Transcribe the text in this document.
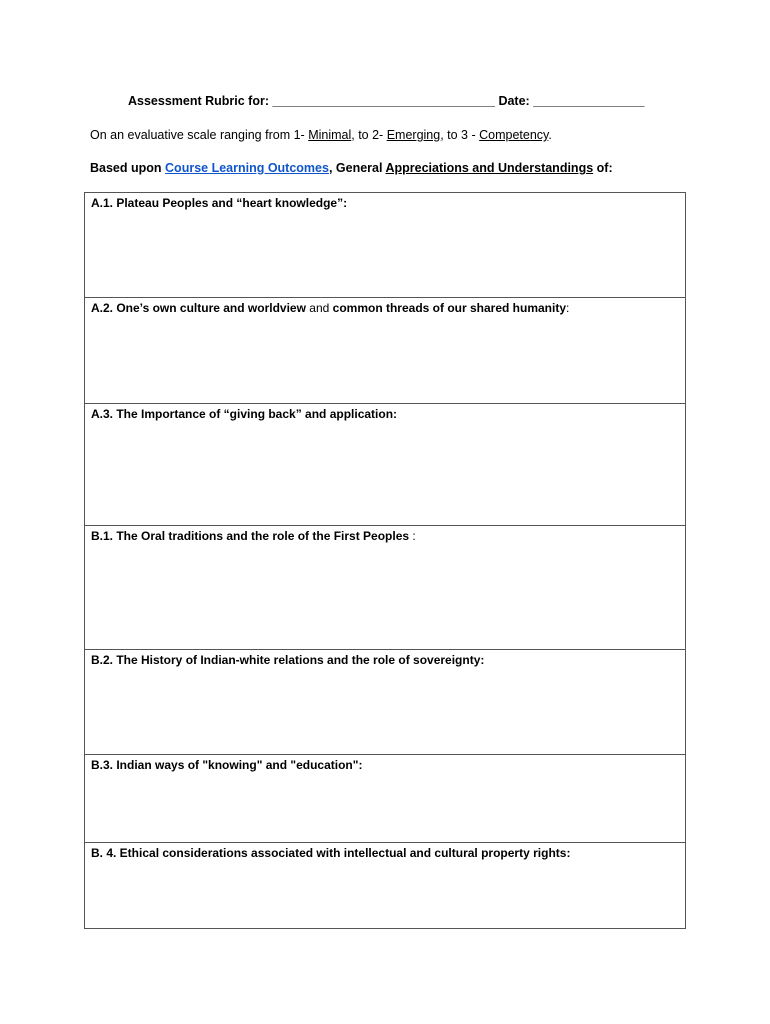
Assessment Rubric for: ________________________________ Date: ________________
On an evaluative scale ranging from 1- Minimal, to 2- Emerging, to 3 - Competency.
Based upon Course Learning Outcomes, General Appreciations and Understandings of:
A.1. Plateau Peoples and “heart knowledge”:
A.2. One’s own culture and worldview and common threads of our shared humanity:
A.3. The Importance of “giving back” and application:
B.1. The Oral traditions and the role of the First Peoples :
B.2. The History of Indian-white relations and the role of sovereignty:
B.3. Indian ways of "knowing" and "education":
B. 4. Ethical considerations associated with intellectual and cultural property rights:
